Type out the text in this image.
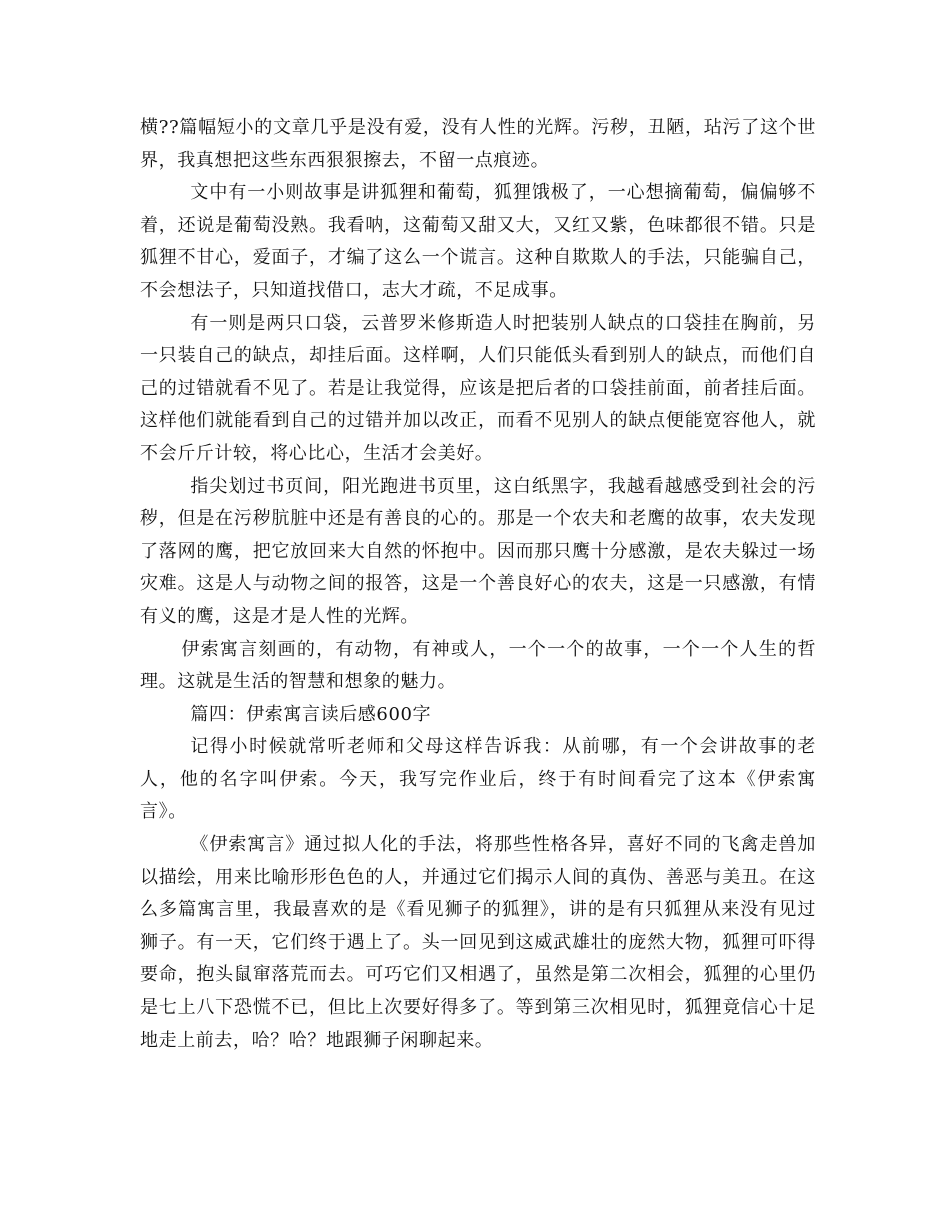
横??篇幅短小的文章几乎是没有爱，没有人性的光辉。污秽，丑陋，玷污了这个世界，我真想把这些东西狠狠擦去，不留一点痕迹。

文中有一小则故事是讲狐狸和葡萄，狐狸饿极了，一心想摘葡萄，偏偏够不着，还说是葡萄没熟。我看呐，这葡萄又甜又大，又红又紫，色味都很不错。只是狐狸不甘心，爱面子，才编了这么一个谎言。这种自欺欺人的手法，只能骗自己，不会想法子，只知道找借口，志大才疏，不足成事。

有一则是两只口袋，云普罗米修斯造人时把装别人缺点的口袋挂在胸前，另一只装自己的缺点，却挂后面。这样啊，人们只能低头看到别人的缺点，而他们自己的过错就看不见了。若是让我觉得，应该是把后者的口袋挂前面，前者挂后面。这样他们就能看到自己的过错并加以改正，而看不见别人的缺点便能宽容他人，就不会斤斤计较，将心比心，生活才会美好。

指尖划过书页间，阳光跑进书页里，这白纸黑字，我越看越感受到社会的污秽，但是在污秽肮脏中还是有善良的心的。那是一个农夫和老鹰的故事，农夫发现了落网的鹰，把它放回来大自然的怀抱中。因而那只鹰十分感激，是农夫躲过一场灾难。这是人与动物之间的报答，这是一个善良好心的农夫，这是一只感激，有情有义的鹰，这是才是人性的光辉。

伊索寓言刻画的，有动物，有神或人，一个一个的故事，一个一个人生的哲理。这就是生活的智慧和想象的魅力。

篇四：伊索寓言读后感600字

记得小时候就常听老师和父母这样告诉我：从前哪，有一个会讲故事的老人，他的名字叫伊索。今天，我写完作业后，终于有时间看完了这本《伊索寓言》。

《伊索寓言》通过拟人化的手法，将那些性格各异，喜好不同的飞禽走兽加以描绘，用来比喻形形色色的人，并通过它们揭示人间的真伪、善恶与美丑。在这么多篇寓言里，我最喜欢的是《看见狮子的狐狸》，讲的是有只狐狸从来没有见过狮子。有一天，它们终于遇上了。头一回见到这威武雄壮的庞然大物，狐狸可吓得要命，抱头鼠窜落荒而去。可巧它们又相遇了，虽然是第二次相会，狐狸的心里仍是七上八下恐慌不已，但比上次要好得多了。等到第三次相见时，狐狸竟信心十足地走上前去，哈？哈？地跟狮子闲聊起来。
